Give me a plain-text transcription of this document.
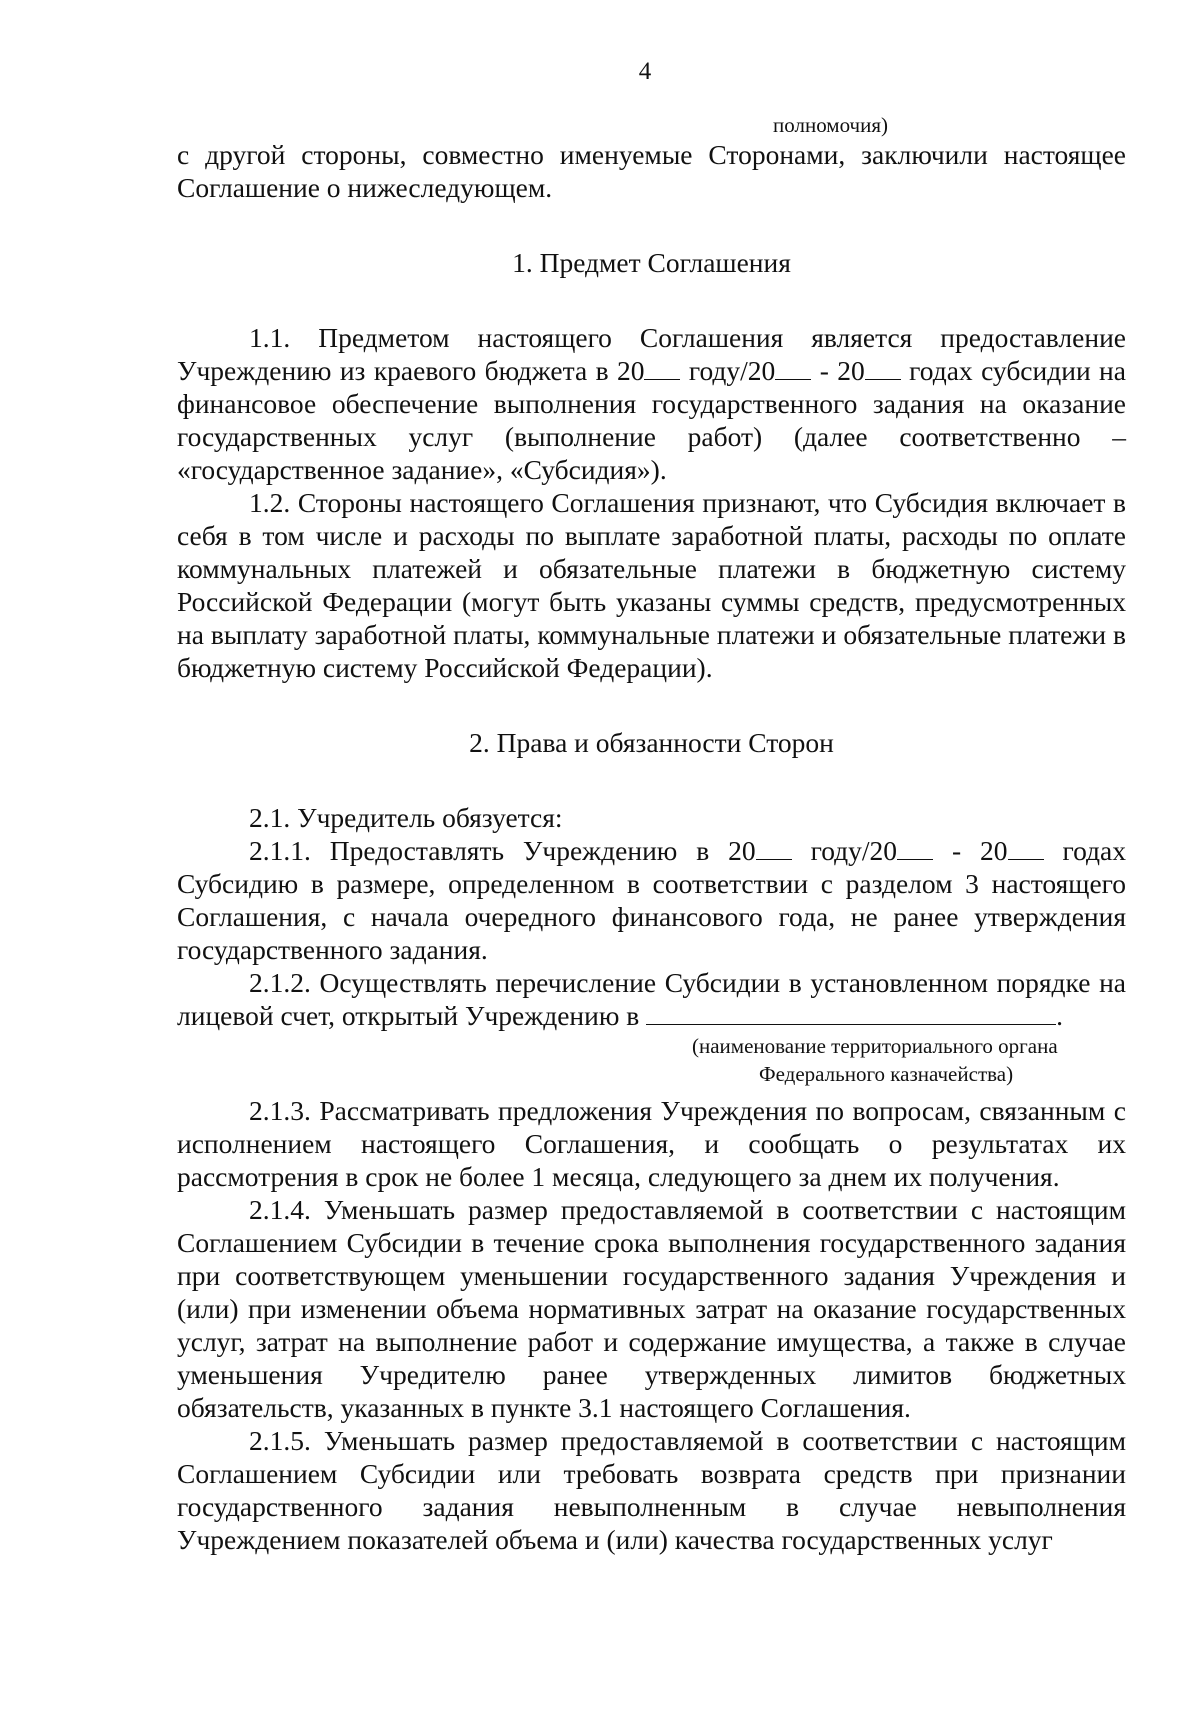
4

полномочия)

с другой стороны, совместно именуемые Сторонами, заключили настоящее Соглашение о нижеследующем.

1. Предмет Соглашения

1.1. Предметом настоящего Соглашения является предоставление Учреждению из краевого бюджета в 20 году/20 - 20 годах субсидии на финансовое обеспечение выполнения государственного задания на оказание государственных услуг (выполнение работ) (далее соответственно – «государственное задание», «Субсидия»).

1.2. Стороны настоящего Соглашения признают, что Субсидия включает в себя в том числе и расходы по выплате заработной платы, расходы по оплате коммунальных платежей и обязательные платежи в бюджетную систему Российской Федерации (могут быть указаны суммы средств, предусмотренных на выплату заработной платы, коммунальные платежи и обязательные платежи в бюджетную систему Российской Федерации).

2. Права и обязанности Сторон

2.1. Учредитель обязуется:

2.1.1. Предоставлять Учреждению в 20 году/20 - 20 годах Субсидию в размере, определенном в соответствии с разделом 3 настоящего Соглашения, с начала очередного финансового года, не ранее утверждения государственного задания.

2.1.2. Осуществлять перечисление Субсидии в установленном порядке на лицевой счет, открытый Учреждению в	.

(наименование территориального органа
Федерального казначейства)

2.1.3. Рассматривать предложения Учреждения по вопросам, связанным с исполнением настоящего Соглашения, и сообщать о результатах их рассмотрения в срок не более 1 месяца, следующего за днем их получения.

2.1.4. Уменьшать размер предоставляемой в соответствии с настоящим Соглашением Субсидии в течение срока выполнения государственного задания при соответствующем уменьшении государственного задания Учреждения и (или) при изменении объема нормативных затрат на оказание государственных услуг, затрат на выполнение работ и содержание имущества, а также в случае уменьшения Учредителю ранее утвержденных лимитов бюджетных обязательств, указанных в пункте 3.1 настоящего Соглашения.

2.1.5. Уменьшать размер предоставляемой в соответствии с настоящим Соглашением Субсидии или требовать возврата средств при признании государственного задания невыполненным в случае невыполнения Учреждением показателей объема и (или) качества государственных услуг
